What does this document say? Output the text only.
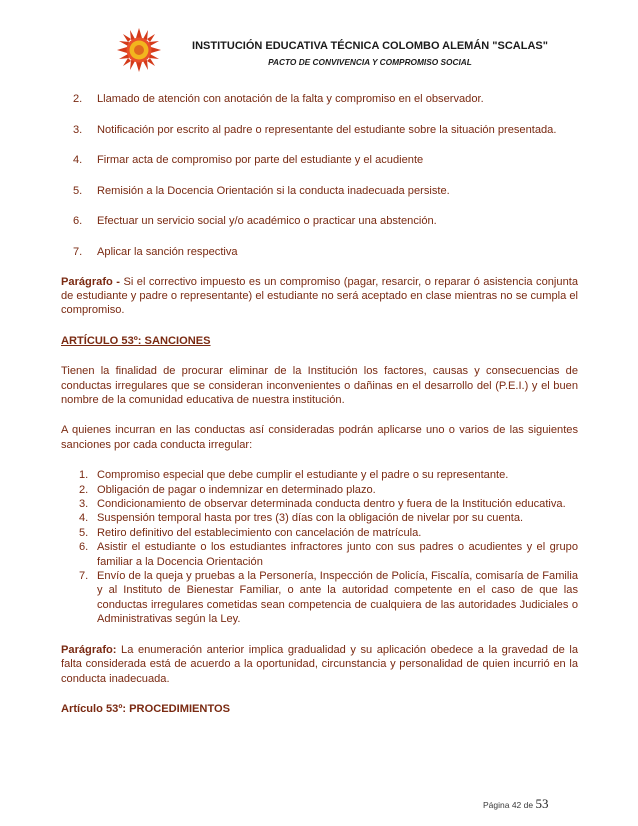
INSTITUCIÓN EDUCATIVA TÉCNICA COLOMBO ALEMÁN "SCALAS"
PACTO DE CONVIVENCIA Y COMPROMISO SOCIAL
2. Llamado de atención con anotación de la falta y compromiso en el observador.
3. Notificación por escrito al padre o representante del estudiante sobre la situación presentada.
4. Firmar acta de compromiso por parte del estudiante y el acudiente
5. Remisión a la Docencia Orientación si la conducta inadecuada persiste.
6. Efectuar un servicio social y/o académico o practicar una abstención.
7. Aplicar la sanción respectiva

Parágrafo - Si el correctivo impuesto es un compromiso (pagar, resarcir, o reparar ó asistencia conjunta de estudiante y padre o representante) el estudiante no será aceptado en clase mientras no se cumpla el compromiso.

ARTÍCULO 53º: SANCIONES

Tienen la finalidad de procurar eliminar de la Institución los factores, causas y consecuencias de conductas irregulares que se consideran inconvenientes o dañinas en el desarrollo del (P.E.I.) y el buen nombre de la comunidad educativa de nuestra institución.

A quienes incurran en las conductas así consideradas podrán aplicarse uno o varios de las siguientes sanciones por cada conducta irregular:

1. Compromiso especial que debe cumplir el estudiante y el padre o su representante.
2. Obligación de pagar o indemnizar en determinado plazo.
3. Condicionamiento de observar determinada conducta dentro y fuera de la Institución educativa.
4. Suspensión temporal hasta por tres (3) días con la obligación de nivelar por su cuenta.
5. Retiro definitivo del establecimiento con cancelación de matrícula.
6. Asistir el estudiante o los estudiantes infractores junto con sus padres o acudientes y el grupo familiar a la Docencia Orientación
7. Envío de la queja y pruebas a la Personería, Inspección de Policía, Fiscalía, comisaría de Familia y al Instituto de Bienestar Familiar, o ante la autoridad competente en el caso de que las conductas irregulares cometidas sean competencia de cualquiera de las autoridades Judiciales o Administrativas según la Ley.

Parágrafo: La enumeración anterior implica gradualidad y su aplicación obedece a la gravedad de la falta considerada está de acuerdo a la oportunidad, circunstancia y personalidad de quien incurrió en la conducta inadecuada.

Artículo 53º: PROCEDIMIENTOS

Página 42 de 53
